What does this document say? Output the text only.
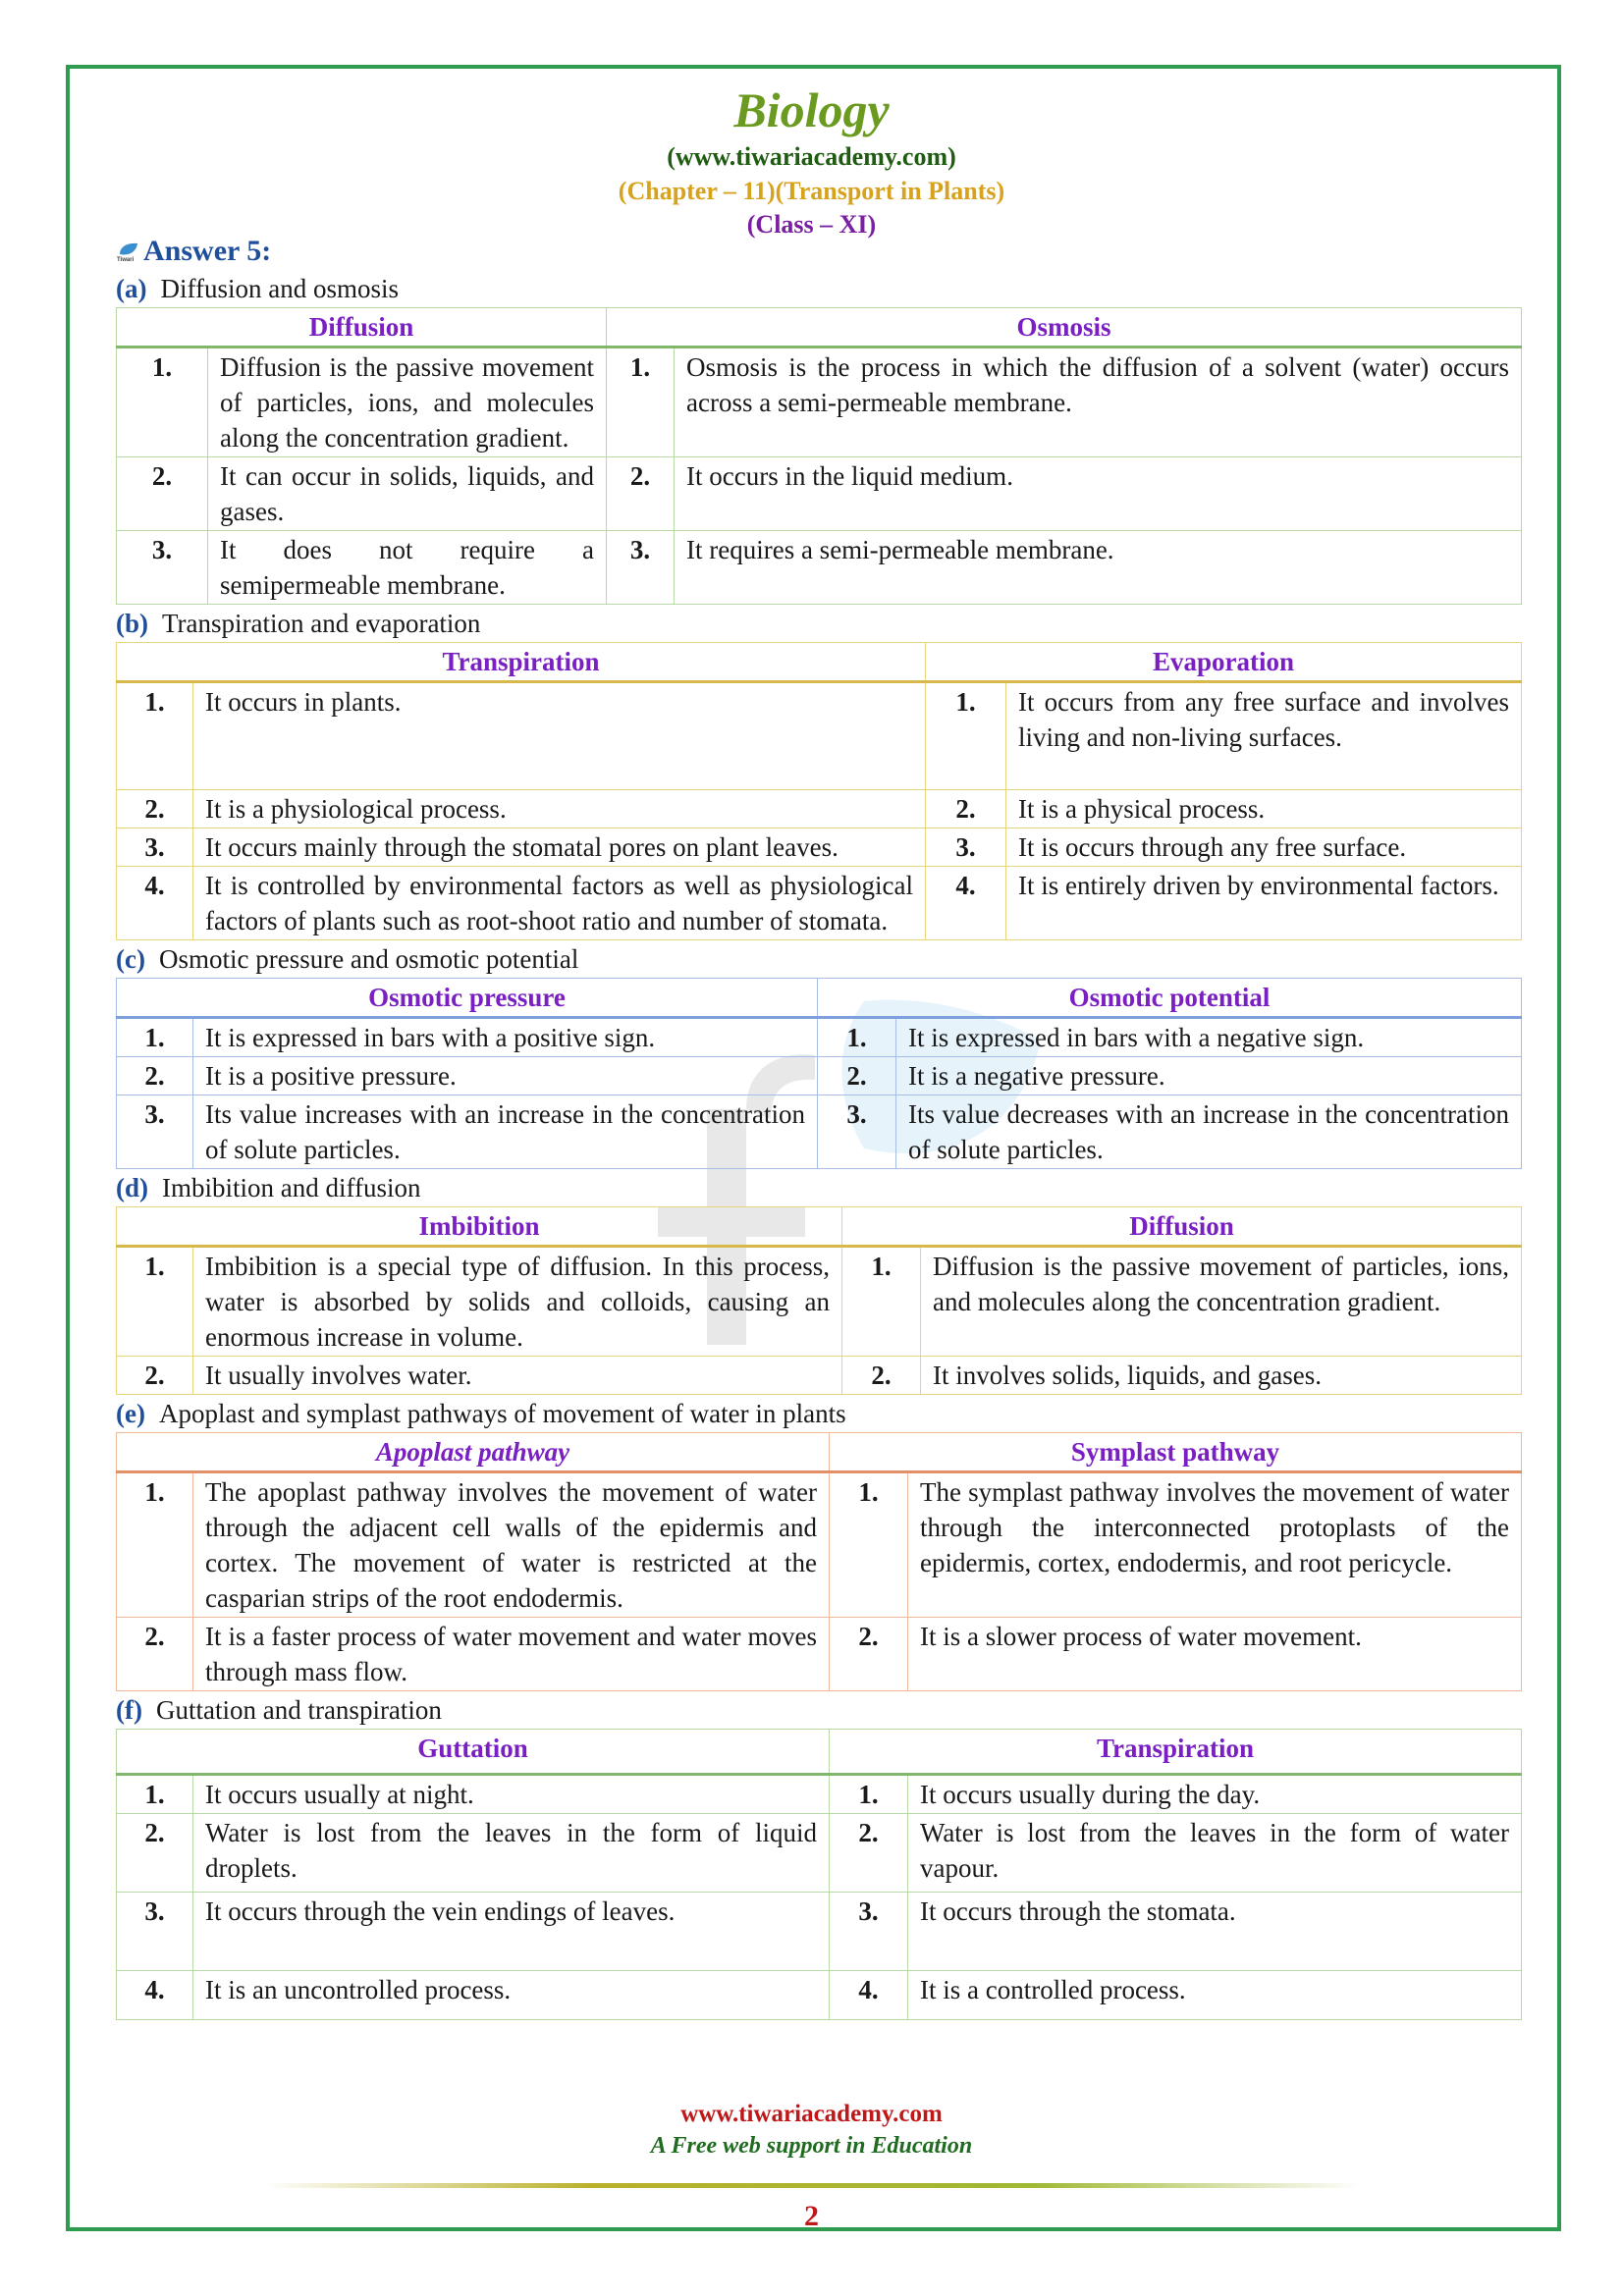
Biology
(www.tiwariacademy.com)
(Chapter – 11)(Transport in Plants)
(Class – XI)
Tiwari Answer 5:
(a) Diffusion and osmosis
Diffusion		Osmosis	
1.	Diffusion is the passive movement of particles, ions, and molecules along the concentration gradient.	1.	Osmosis is the process in which the diffusion of a solvent (water) occurs across a semi-permeable membrane.
2.	It can occur in solids, liquids, and gases.	2.	It occurs in the liquid medium.
3.	It does not require a semipermeable membrane.	3.	It requires a semi-permeable membrane.
(b) Transpiration and evaporation
Transpiration		Evaporation	
1.	It occurs in plants.	1.	It occurs from any free surface and involves living and non-living surfaces.
2.	It is a physiological process.	2.	It is a physical process.
3.	It occurs mainly through the stomatal pores on plant leaves.	3.	It is occurs through any free surface.
4.	It is controlled by environmental factors as well as physiological factors of plants such as root-shoot ratio and number of stomata.	4.	It is entirely driven by environmental factors.
(c) Osmotic pressure and osmotic potential
Osmotic pressure		Osmotic potential	
1.	It is expressed in bars with a positive sign.	1.	It is expressed in bars with a negative sign.
2.	It is a positive pressure.	2.	It is a negative pressure.
3.	Its value increases with an increase in the concentration of solute particles.	3.	Its value decreases with an increase in the concentration of solute particles.
(d) Imbibition and diffusion
Imbibition		Diffusion	
1.	Imbibition is a special type of diffusion. In this process, water is absorbed by solids and colloids, causing an enormous increase in volume.	1.	Diffusion is the passive movement of particles, ions, and molecules along the concentration gradient.
2.	It usually involves water.	2.	It involves solids, liquids, and gases.
(e) Apoplast and symplast pathways of movement of water in plants
Apoplast pathway		Symplast pathway	
1.	The apoplast pathway involves the movement of water through the adjacent cell walls of the epidermis and cortex. The movement of water is restricted at the casparian strips of the root endodermis.	1.	The symplast pathway involves the movement of water through the interconnected protoplasts of the epidermis, cortex, endodermis, and root pericycle.
2.	It is a faster process of water movement and water moves through mass flow.	2.	It is a slower process of water movement.
(f) Guttation and transpiration
Guttation		Transpiration	
1.	It occurs usually at night.	1.	It occurs usually during the day.
2.	Water is lost from the leaves in the form of liquid droplets.	2.	Water is lost from the leaves in the form of water vapour.
3.	It occurs through the vein endings of leaves.	3.	It occurs through the stomata.
4.	It is an uncontrolled process.	4.	It is a controlled process.
www.tiwariacademy.com
A Free web support in Education
2
